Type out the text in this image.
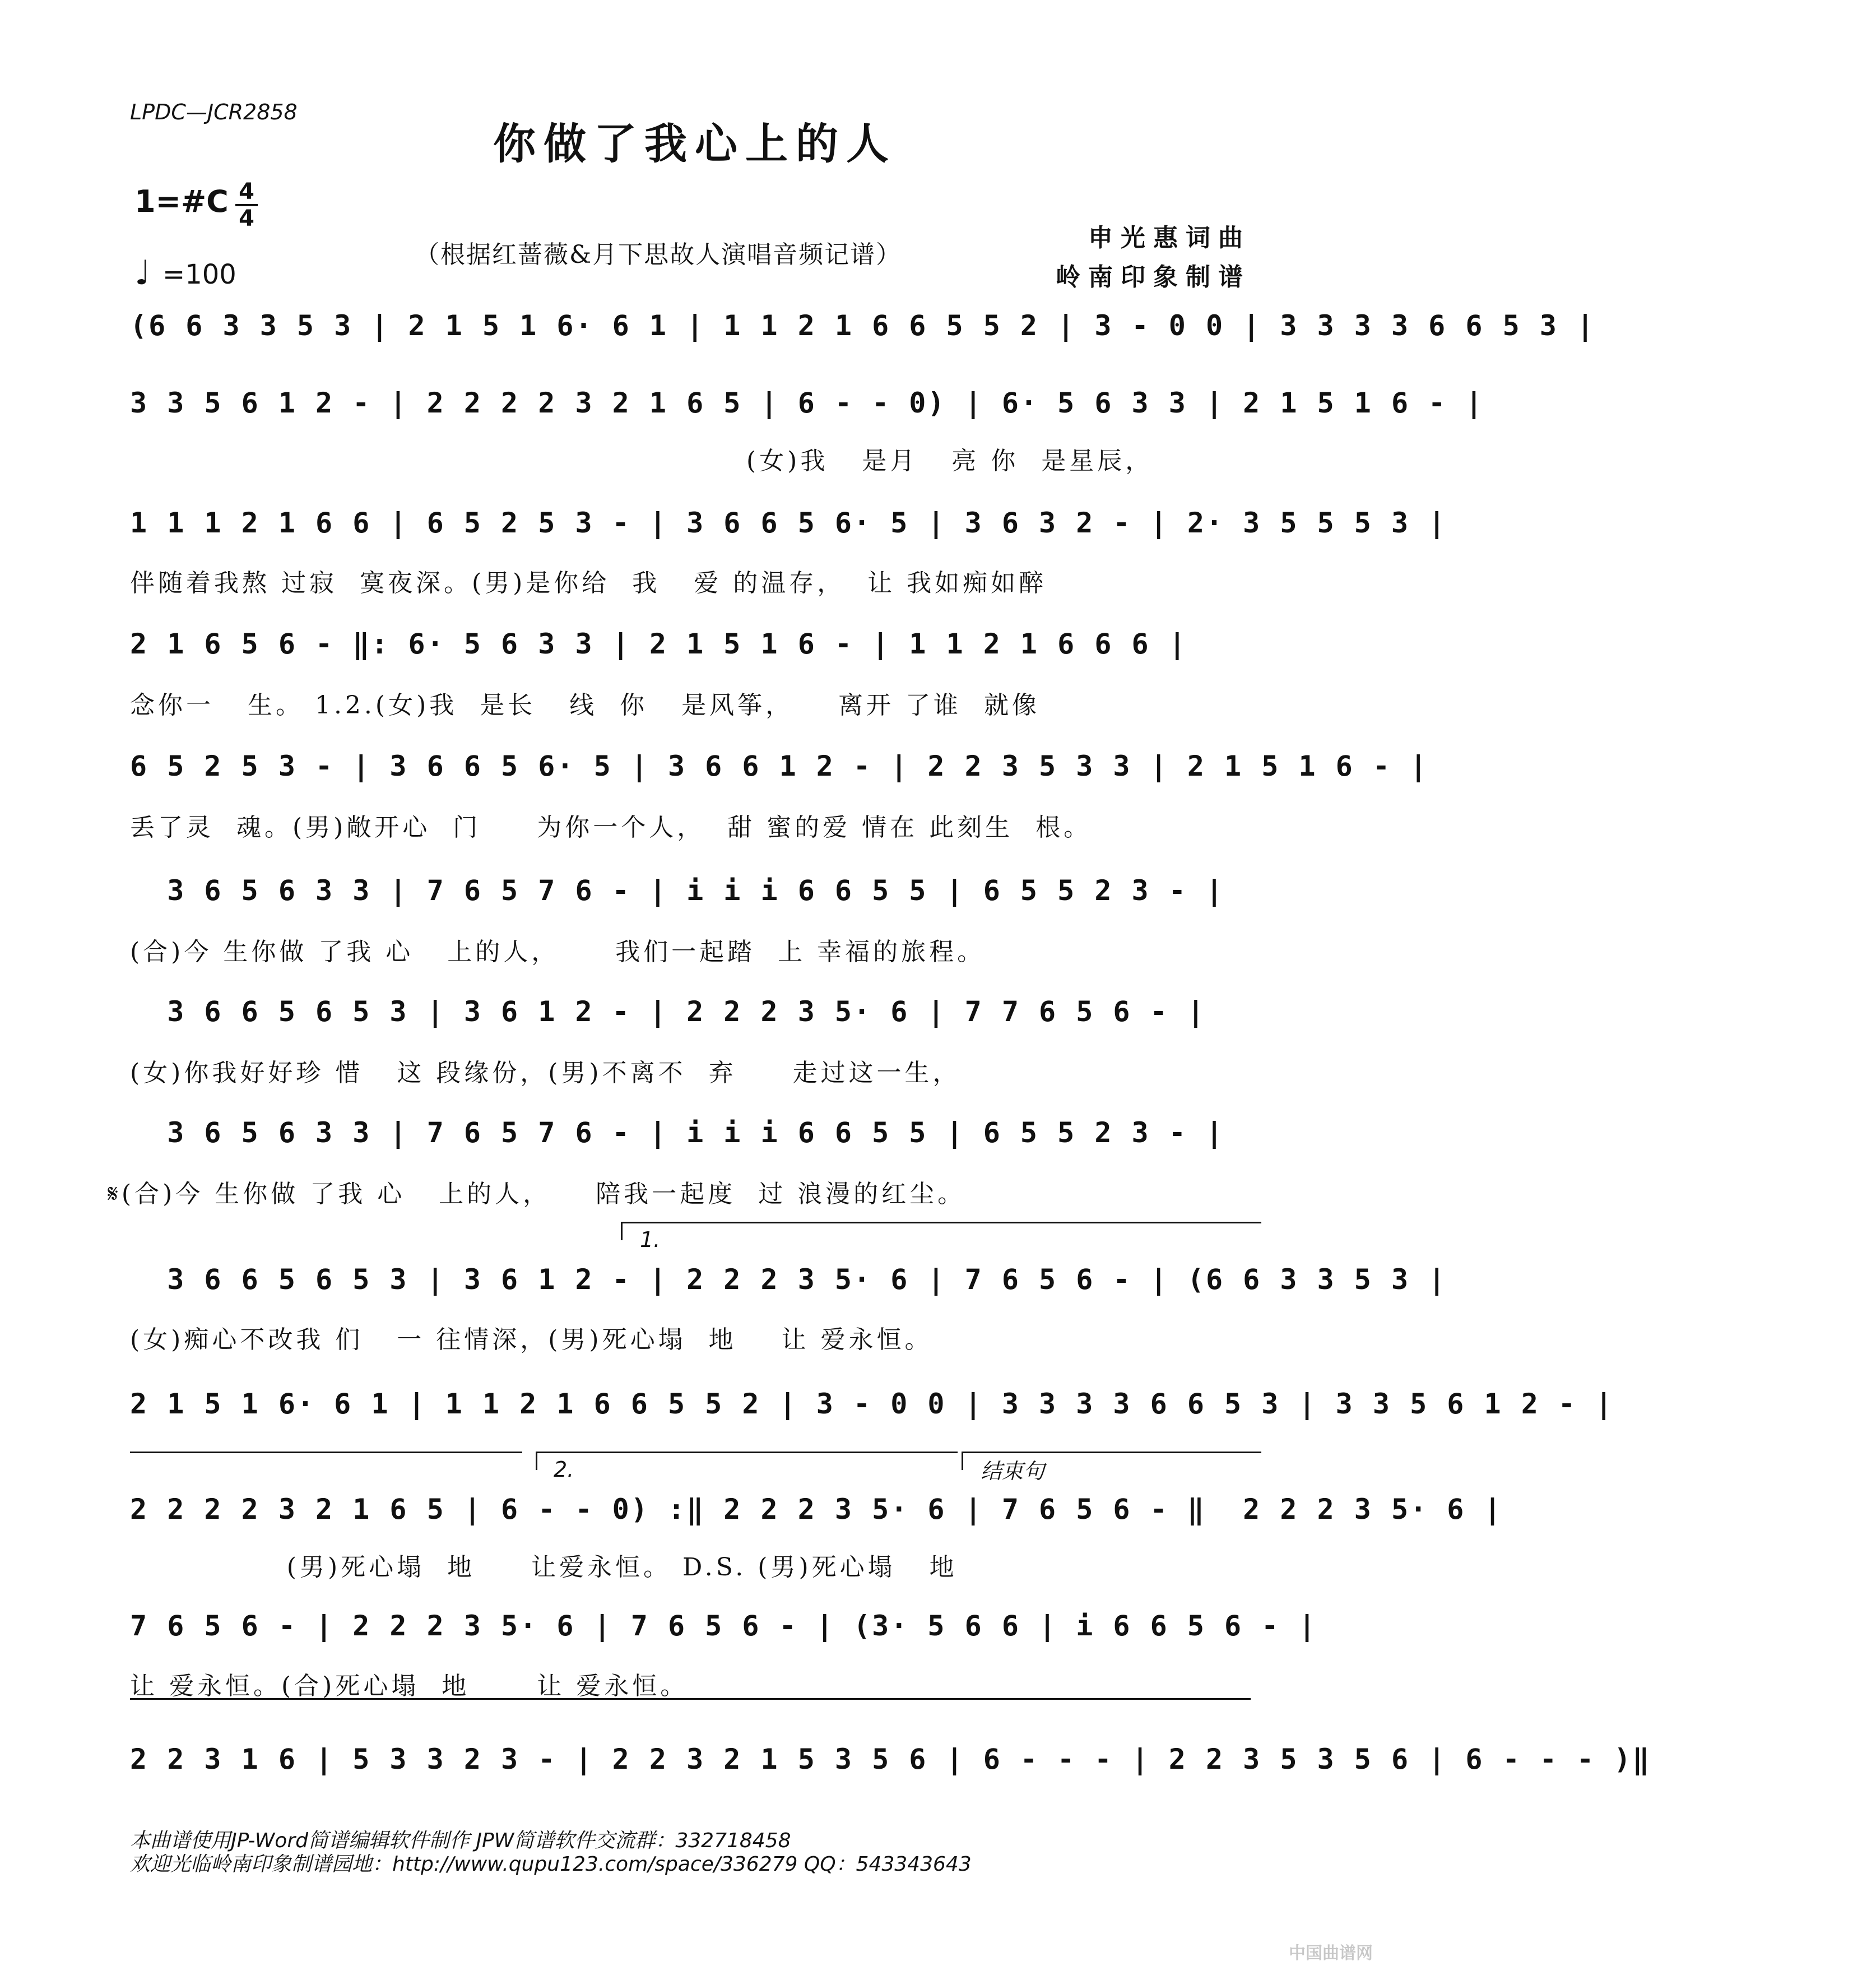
LPDC—JCR2858
你做了我心上的人
1=#C 4
4
♩ =100
（根据红蔷薇&月下思故人演唱音频记谱）
申光惠词曲
岭南印象制谱
(6 6 3 3 5 3 | 2 1 5 1 6· 6 1 | 1 1 2 1 6 6 5 5 2 | 3 - 0 0 | 3 3 3 3 6 6 5 3 |
3 3 5 6 1 2 - | 2 2 2 2 3 2 1 6 5 | 6 - - 0) | 6· 5 6 3 3 | 2 1 5 1 6 - |
(女)我   是月   亮 你  是星辰，
1 1 1 2 1 6 6 | 6 5 2 5 3 - | 3 6 6 5 6· 5 | 3 6 3 2 - | 2· 3 5 5 5 3 |
伴随着我熬 过寂  寞夜深。(男)是你给  我   爱 的温存，  让 我如痴如醉
2 1 6 5 6 - ‖: 6· 5 6 3 3 | 2 1 5 1 6 - | 1 1 2 1 6 6 6 |
念你一   生。 1.2.(女)我  是长   线  你   是风筝，    离开 了谁  就像
6 5 2 5 3 - | 3 6 6 5 6· 5 | 3 6 6 1 2 - | 2 2 3 5 3 3 | 2 1 5 1 6 - |
丢了灵  魂。(男)敞开心  门     为你一个人，  甜 蜜的爱 情在 此刻生  根。
3 6 5 6 3 3 | 7 6 5 7 6 - | i i i 6 6 5 5 | 6 5 5 2 3 - |
(合)今 生你做 了我 心   上的人，     我们一起踏  上 幸福的旅程。
3 6 6 5 6 5 3 | 3 6 1 2 - | 2 2 2 3 5· 6 | 7 7 6 5 6 - |
(女)你我好好珍 惜   这 段缘份，(男)不离不  弃     走过这一生，
3 6 5 6 3 3 | 7 6 5 7 6 - | i i i 6 6 5 5 | 6 5 5 2 3 - |
𝄋(合)今 生你做 了我 心   上的人，    陪我一起度  过 浪漫的红尘。
1.
3 6 6 5 6 5 3 | 3 6 1 2 - | 2 2 2 3 5· 6 | 7 6 5 6 - | (6 6 3 3 5 3 |
(女)痴心不改我 们   一 往情深，(男)死心塌  地    让 爱永恒。
2 1 5 1 6· 6 1 | 1 1 2 1 6 6 5 5 2 | 3 - 0 0 | 3 3 3 3 6 6 5 3 | 3 3 5 6 1 2 - |
2.	结束句
2 2 2 2 3 2 1 6 5 | 6 - - 0) :‖ 2 2 2 3 5· 6 | 7 6 5 6 - ‖  2 2 2 3 5· 6 |
(男)死心塌  地     让爱永恒。 D.S. (男)死心塌   地
7 6 5 6 - | 2 2 2 3 5· 6 | 7 6 5 6 - | (3· 5 6 6 | i 6 6 5 6 - |
让 爱永恒。(合)死心塌  地      让 爱永恒。
2 2 3 1 6 | 5 3 3 2 3 - | 2 2 3 2 1 5 3 5 6 | 6 - - - | 2 2 3 5 3 5 6 | 6 - - - )‖
本曲谱使用JP-Word简谱编辑软件制作 JPW简谱软件交流群：332718458
欢迎光临岭南印象制谱园地：http://www.qupu123.com/space/336279 QQ：543343643
中国曲谱网
